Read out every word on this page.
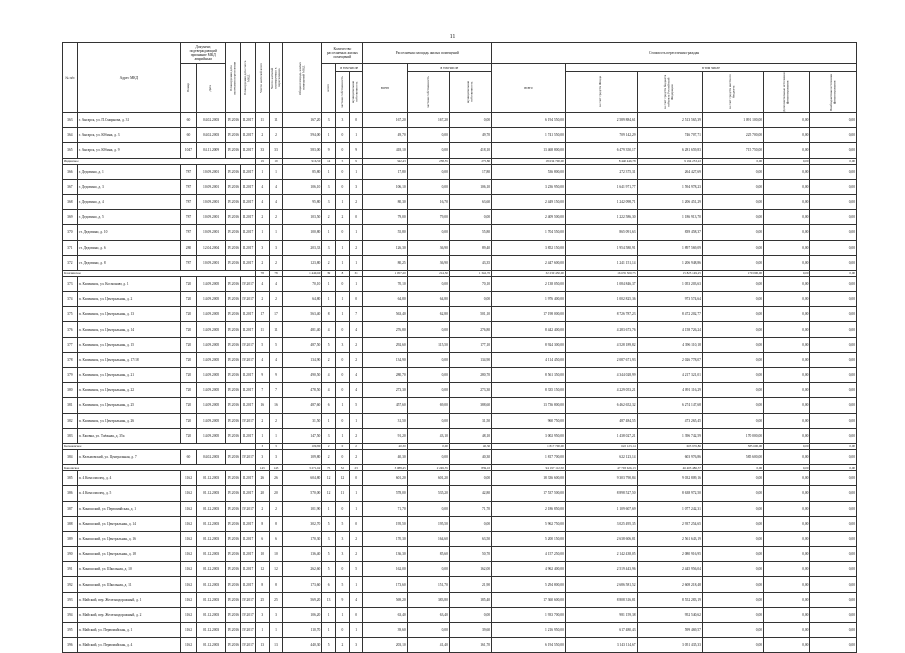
11
№ п/п	Адрес МКД	Документ, подтверждающий признание МКД аварийным		Планируемая дата окончания переселения	Планируемая дата сноса МКД	Число жителей всего	Число жителей планируемых к переселению	Общая площадь жилых помещений МКД	Количество расселяемых жилых помещений			Расселяемая площадь жилых помещений			Стоимость переселения граждан					

		Номер	Дата						всего	в том числе		всего	в том числе		всего	в том числе				

										частная собственность	муниципальная собственность		частная собственность	муниципальная собственность		за счет средств Фонда	за счет средств бюджета субъекта Российской Федерации	за счет средств местного бюджета	Дополнительные источники финансирования	Внебюджетные источники финансирования

363	г. Ангарск, ул. П.Смирнова, д. 31	60	04.02.2003	IV.2016	II.2017	11	11	167,20	3	3	0	167,20	167,20	0,00	6 194 550,00	2 589 884,61	2 513 565,39	1 091 100,00	0,00	0,00
364	г. Ангарск, ул. Юбина, д. 3	60	04.02.2003	IV.2016	II.2017	2	2	594,00	1	0	1	49,70	0,00	49,70	1 741 550,00	709 142,29	746 707,71	225 700,00	0,00	0,00
365	г. Ангарск, ул. Юбина, д. 9	1047	04.11.2009	IV.2016	II.2017	33	33	583,00	9	0	9	418,10	0,00	418,10	13 468 800,00	6 479 350,17	6 281 659,83	715 750,00	0,00	0,00
Ивдинское						19	19	916,50	14	5	9	342,43	258,55	275,80	18 634 700,00	8 440 446,78	9 194 253,22	0,00	0,00	0,00
366	г. Дедовино, д. 1	787	10.09.2001	IV.2016	II.2017	1	1	85,80	1	0	1	17,80	0,00	17,80	536 800,00	272 375,31	264 427,69	0,00	0,00	0,00
367	г. Дедовино, д. 3	787	10.09.2001	IV.2016	II.2017	4	4	106,10	3	0	3	106,10	0,00	106,10	3 236 950,00	1 641 971,77	1 594 978,23	0,00	0,00	0,00
368	г. Дедовино, д. 4	787	10.09.2001	IV.2016	II.2017	4	4	95,80	3	1	2	80,30	16,70	63,60	2 449 150,00	1 242 098,71	1 206 451,29	0,00	0,00	0,00
369	г. Дедовино, д. 5	787	10.09.2001	IV.2016	II.2017	2	2	103,50	2	2	0	79,00	79,00	0,00	2 409 500,00	1 222 586,30	1 186 913,70	0,00	0,00	0,00
370	ст. Дедовино, д. 10	787	10.09.2001	IV.2016	II.2017	1	1	100,80	1	0	1	55,80	0,00	55,80	1 704 550,00	865 091,63	839 458,37	0,00	0,00	0,00
371	ст. Дедовино, д. 6	280	12.04.2004	IV.2016	II.2017	3	3	203,33	3	1	2	126,30	36,90	89,40	3 852 150,00	1 954 580,91	1 897 569,09	0,00	0,00	0,00
372	ст. Дедовино, д. 8	787	10.09.2001	IV.2016	II.2017	2	2	123,80	2	1	1	80,25	36,90	43,35	2 447 600,00	1 241 151,14	1 206 948,86	0,00	0,00	0,00
Казачинское						78	78	1 440,60	39	8	31	1 057,20	214,50	1 342,70	32 230 450,00	16 635 300,75	15 825 149,25	170 000,00	0,00	0,00
373	п. Казачинск, ул. Космонавт, д. 1	720	14.09.2005	IV.2016	IV.2017	4	4	70,10	1	0	1	70,10	0,00	70,10	2 138 050,00	1 084 846,37	1 053 203,63	0,00	0,00	0,00
374	п. Казачинск, ул. Центральная, д. 2	720	14.09.2005	IV.2016	IV.2017	2	2	64,80	1	1	0	64,80	64,80	0,00	1 976 400,00	1 002 825,36	973 574,64	0,00	0,00	0,00
375	п. Казачинск, ул. Центральная, д. 13	720	14.09.2005	IV.2016	II.2017	17	17	563,40	8	1	7	563,40	62,80	501,10	17 198 000,00	8 726 787,23	8 472 202,77	0,00	0,00	0,00
376	п. Казачинск, ул. Центральная, д. 14	720	14.09.2005	IV.2016	II.2017	11	11	481,40	4	0	4	276,80	0,00	276,80	8 442 400,00	4 283 673,76	4 158 726,24	0,00	0,00	0,00
377	п. Казачинск, ул. Центральная, д. 15	720	14.09.2005	IV.2016	IV.2017	5	5	487,50	5	3	2	292,60	115,50	177,10	8 924 300,00	4 528 189,82	4 396 110,18	0,00	0,00	0,00
378	п. Казачинск, ул. Центральная, д. 17/18	720	14.09.2005	IV.2016	IV.2017	4	4	134,90	2	0	2	134,90	0,00	134,90	4 114 450,00	2 087 671,93	2 026 778,07	0,00	0,00	0,00
379	п. Казачинск, ул. Центральная, д. 21	720	14.09.2005	IV.2016	II.2017	9	9	490,50	4	0	4	280,70	0,00	280,70	8 561 350,00	4 344 028,99	4 217 321,01	0,00	0,00	0,00
380	п. Казачинск, ул. Центральная, д. 22	720	14.09.2005	IV.2016	II.2017	7	7	478,50	4	0	4	273,30	0,00	273,30	8 335 150,00	4 229 053,21	4 091 116,29	0,00	0,00	0,00
381	п. Казачинск, ул. Центральная, д. 25	720	14.09.2005	IV.2016	II.2017	16	16	487,60	6	1	5	457,60	69,00	388,60	13 736 800,00	6 462 652,32	6 274 147,68	0,00	0,00	0,00
382	п. Казачинск, ул. Центральная, д. 26	720	14.09.2005	IV.2016	IV.2017	2	2	31,50	1	0	1	31,50	0,00	31,50	960 750,00	487 484,55	473 265,45	0,00	0,00	0,00
383	п. Ежовка, ул. Таёжная, д. 35а	720	14.09.2005	IV.2016	II.2017	1	1	147,50	3	1	2	91,20	43,10	48,10	3 002 950,00	1 438 027,21	1 396 742,59	170 000,00	0,00	0,00
Кельмовское						3	3	109,80	2	0	2	40,30	0,00	40,30	1 817 700,00	622 123,14	603 976,86	585 600,00	0,00	0,00
384	п. Кельмовский, ул. Центральная, д. 7	60	04.02.2003	IV.2016	IV.2017	3	3	109,80	2	0	2	40,30	0,00	40,30	1 817 700,00	622 123,14	603 976,86	585 600,00	0,00	0,00
Коношское						143	143	3 271,62	75	52	23	3 088,45	2 249,35	839,10	94 197 112,50	47 793 626,13	46 403 486,37	0,00	0,00	0,00
385	п. 4 Комсомолец, д. 4	1162	01.12.2003	IV.2016	II.2017	26	26	604,80	12	12	0	601,20	601,20	0,00	18 336 600,00	9 303 790,84	9 032 809,16	0,00	0,00	0,00
386	п. 4 Комсомолец, д. 5	1162	01.12.2003	IV.2016	II.2017	20	20	570,00	12	11	1	578,00	535,20	42,80	17 537 500,00	8 898 527,50	8 638 972,50	0,00	0,00	0,00
387	п. Коношский, ул. Первомайская, д. 1	1162	01.12.2003	IV.2016	IV.2017	2	2	101,90	1	0	1	71,70	0,00	71,70	2 186 850,00	1 109 607,69	1 077 242,31	0,00	0,00	0,00
388	п. Коношский, ул. Центральная, д. 14	1162	01.12.2003	IV.2016	II.2017	8	8	302,70	5	5	0	195,50	195,50	0,00	5 962 750,00	3 025 495,35	2 937 254,65	0,00	0,00	0,00
389	п. Коношский, ул. Центральная, д. 16	1162	01.12.2003	IV.2016	II.2017	6	6	170,30	3	3	2	170,30	164,60	63,50	5 200 150,00	2 638 606,81	2 561 643,19	0,00	0,00	0,00
390	п. Коношский, ул. Центральная, д. 18	1162	01.12.2003	IV.2016	II.2017	10	10	136,40	5	3	2	136,30	85,60	50,70	4 157 250,00	2 142 438,05	2 080 916,95	0,00	0,00	0,00
391	п. Коношский, ул. Школьная, д. 10	1162	01.12.2003	IV.2016	II.2017	12	12	262,60	5	0	5	162,00	0,00	162,00	4 962 400,00	2 519 443,96	2 445 956,04	0,00	0,00	0,00
392	п. Коношский, ул. Школьная, д. 11	1162	01.12.2003	IV.2016	II.2017	8	8	173,60	6	5	1	173,60	151,70	21,90	5 294 800,00	2 686 581,52	2 608 218,48	0,00	0,00	0,00
393	п. Майский, пер. Железнодорожный, д. 1	1162	01.12.2003	IV.2016	IV.2017	25	25	569,20	13	9	4	569,20	383,80	185,40	17 360 600,00	8 808 316,81	8 552 283,19	0,00	0,00	0,00
394	п. Майский, пер. Железнодорожный, д. 2	1162	01.12.2003	IV.2016	IV.2017	3	3	106,20	1	1	0	63,40	63,40	0,00	1 933 700,00	981 159,38	952 540,62	0,00	0,00	0,00
395	п. Майский, ул. Первомайская, д. 1	1162	01.12.2003	IV.2016	IV.2017	1	1	110,70	1	0	1	39,60	0,00	39,60	1 216 950,00	617 480,43	599 469,57	0,00	0,00	0,00
396	п. Майский, ул. Первомайская, д. 4	1162	01.12.2003	IV.2016	IV.2017	13	13	440,30	5	2	3	203,10	41,40	161,70	6 194 550,00	3 143 114,67	3 051 435,33	0,00	0,00	0,00
